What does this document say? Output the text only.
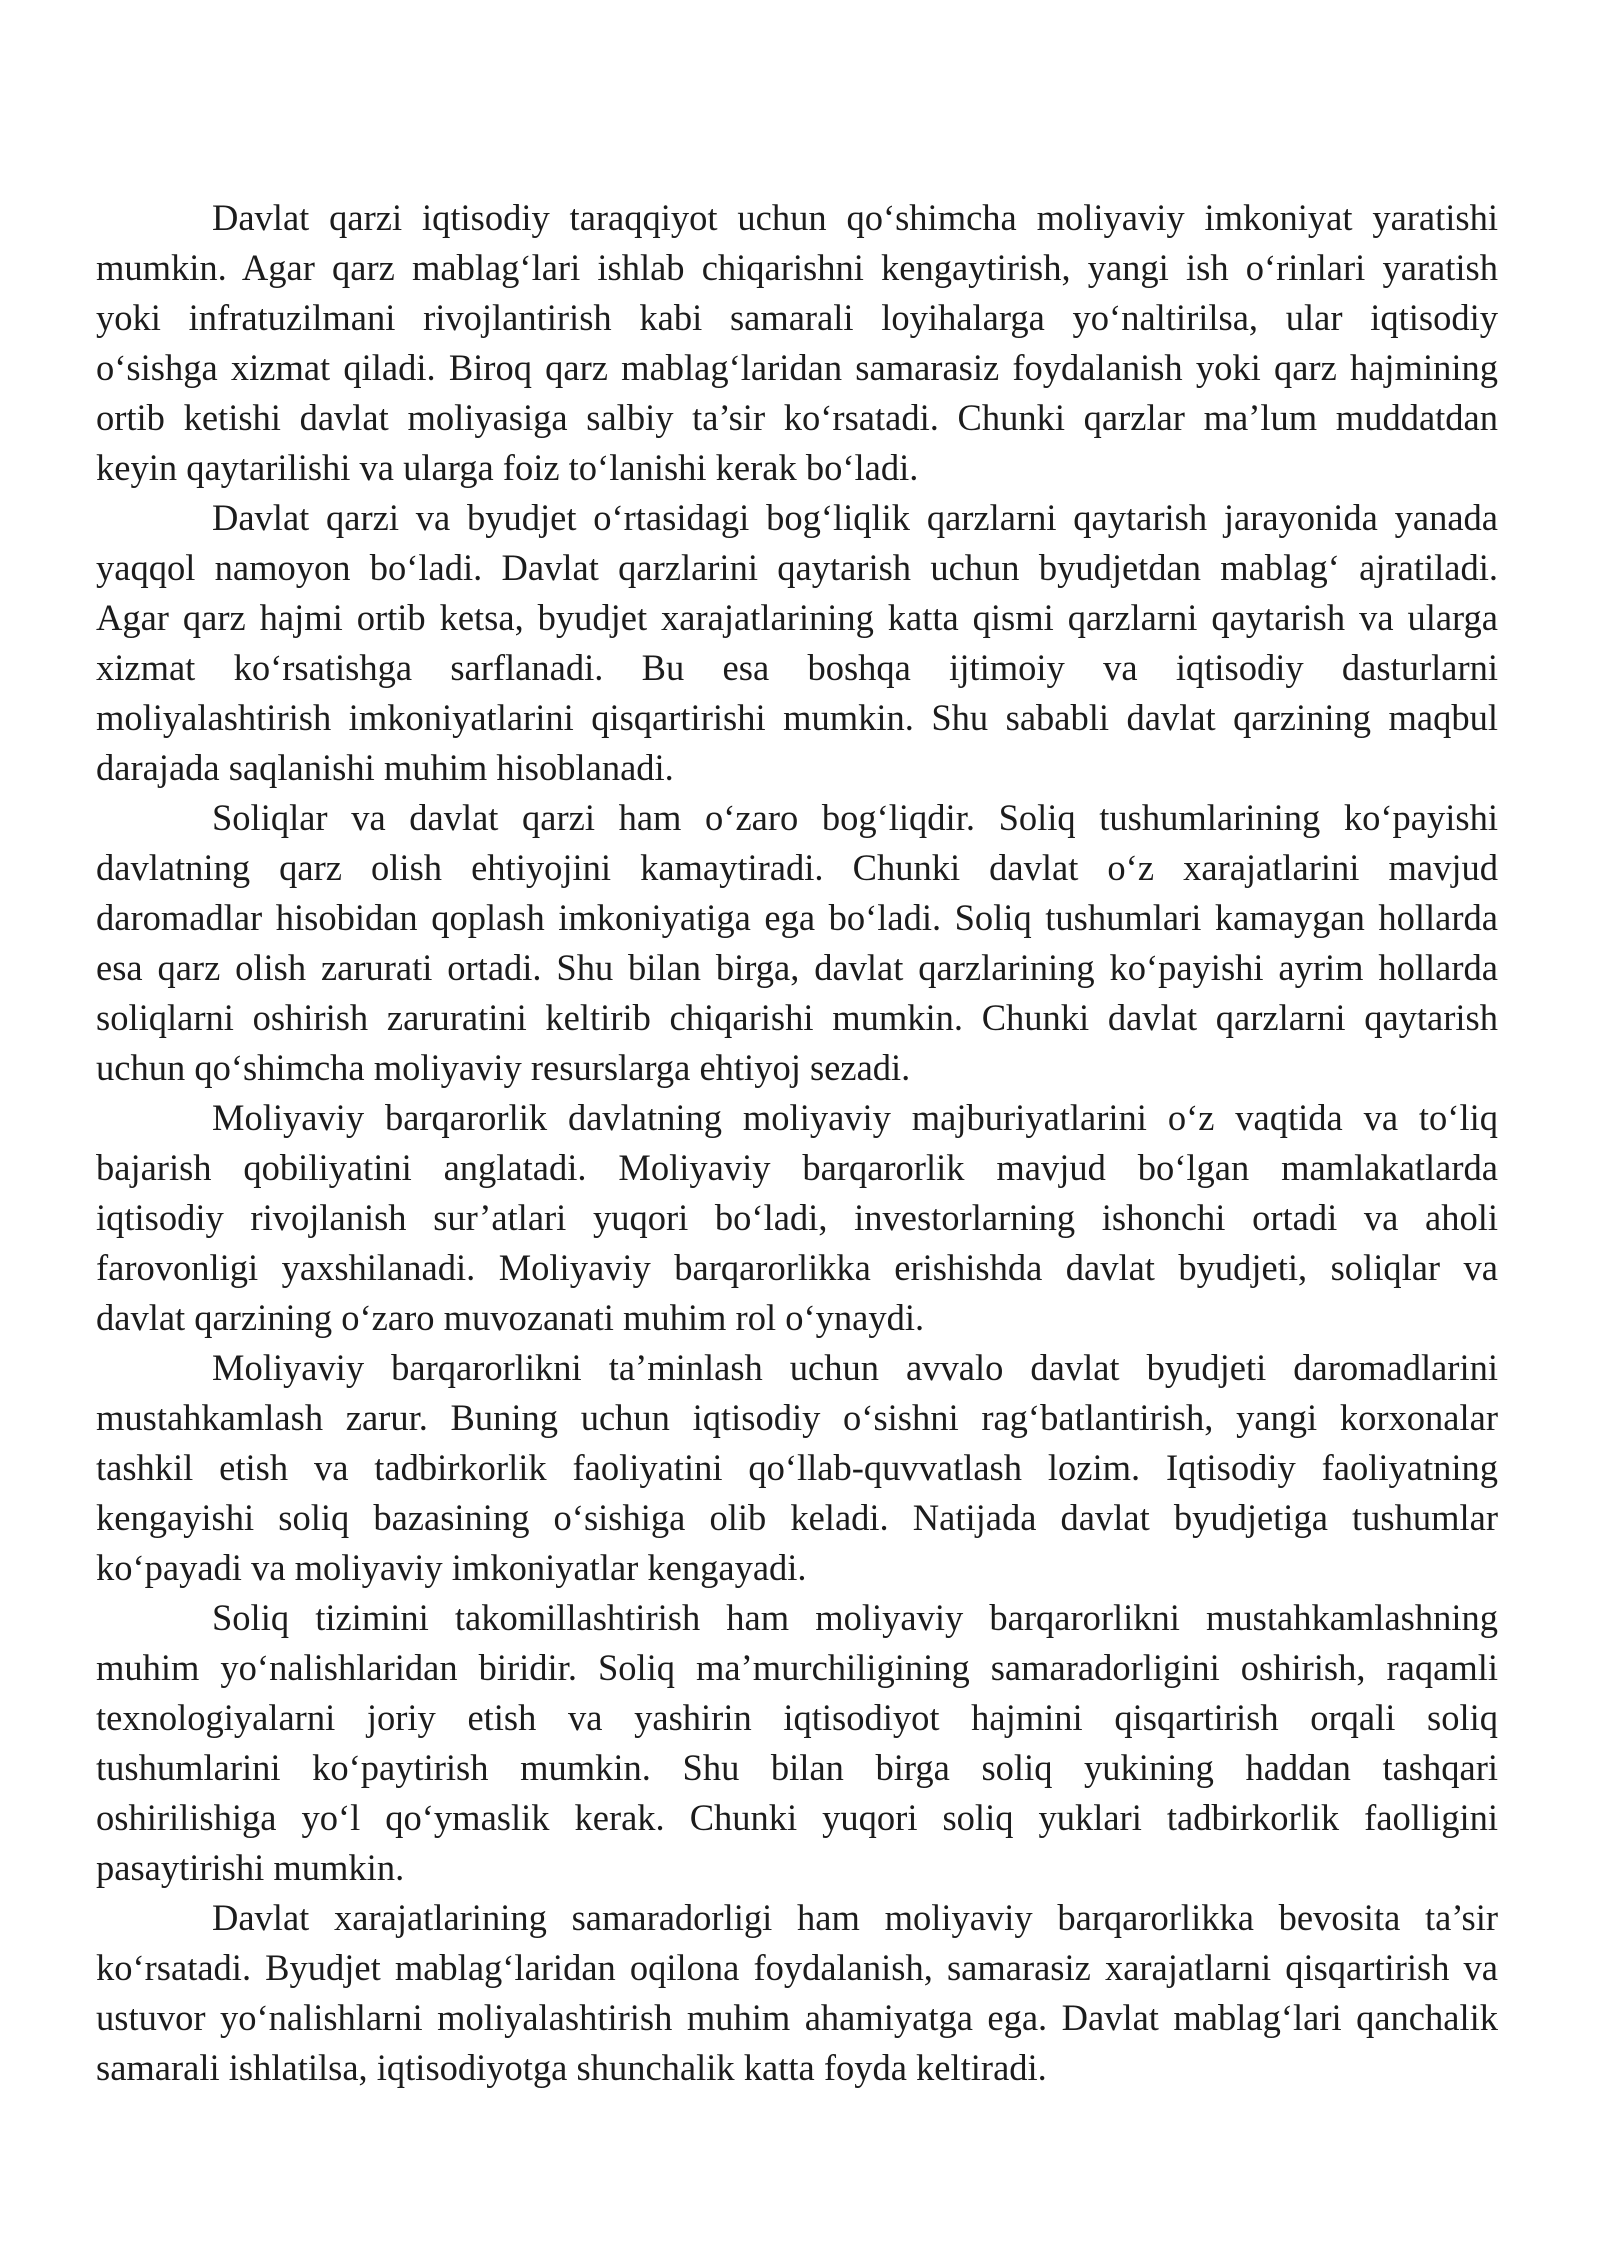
Davlat qarzi iqtisodiy taraqqiyot uchun qo‘shimcha moliyaviy imkoniyat yaratishi
mumkin. Agar qarz mablag‘lari ishlab chiqarishni kengaytirish, yangi ish o‘rinlari yaratish
yoki infratuzilmani rivojlantirish kabi samarali loyihalarga yo‘naltirilsa, ular iqtisodiy
o‘sishga xizmat qiladi. Biroq qarz mablag‘laridan samarasiz foydalanish yoki qarz hajmining
ortib ketishi davlat moliyasiga salbiy ta’sir ko‘rsatadi. Chunki qarzlar ma’lum muddatdan
keyin qaytarilishi va ularga foiz to‘lanishi kerak bo‘ladi.
Davlat qarzi va byudjet o‘rtasidagi bog‘liqlik qarzlarni qaytarish jarayonida yanada
yaqqol namoyon bo‘ladi. Davlat qarzlarini qaytarish uchun byudjetdan mablag‘ ajratiladi.
Agar qarz hajmi ortib ketsa, byudjet xarajatlarining katta qismi qarzlarni qaytarish va ularga
xizmat ko‘rsatishga sarflanadi. Bu esa boshqa ijtimoiy va iqtisodiy dasturlarni
moliyalashtirish imkoniyatlarini qisqartirishi mumkin. Shu sababli davlat qarzining maqbul
darajada saqlanishi muhim hisoblanadi.
Soliqlar va davlat qarzi ham o‘zaro bog‘liqdir. Soliq tushumlarining ko‘payishi
davlatning qarz olish ehtiyojini kamaytiradi. Chunki davlat o‘z xarajatlarini mavjud
daromadlar hisobidan qoplash imkoniyatiga ega bo‘ladi. Soliq tushumlari kamaygan hollarda
esa qarz olish zarurati ortadi. Shu bilan birga, davlat qarzlarining ko‘payishi ayrim hollarda
soliqlarni oshirish zaruratini keltirib chiqarishi mumkin. Chunki davlat qarzlarni qaytarish
uchun qo‘shimcha moliyaviy resurslarga ehtiyoj sezadi.
Moliyaviy barqarorlik davlatning moliyaviy majburiyatlarini o‘z vaqtida va to‘liq
bajarish qobiliyatini anglatadi. Moliyaviy barqarorlik mavjud bo‘lgan mamlakatlarda
iqtisodiy rivojlanish sur’atlari yuqori bo‘ladi, investorlarning ishonchi ortadi va aholi
farovonligi yaxshilanadi. Moliyaviy barqarorlikka erishishda davlat byudjeti, soliqlar va
davlat qarzining o‘zaro muvozanati muhim rol o‘ynaydi.
Moliyaviy barqarorlikni ta’minlash uchun avvalo davlat byudjeti daromadlarini
mustahkamlash zarur. Buning uchun iqtisodiy o‘sishni rag‘batlantirish, yangi korxonalar
tashkil etish va tadbirkorlik faoliyatini qo‘llab-quvvatlash lozim. Iqtisodiy faoliyatning
kengayishi soliq bazasining o‘sishiga olib keladi. Natijada davlat byudjetiga tushumlar
ko‘payadi va moliyaviy imkoniyatlar kengayadi.
Soliq tizimini takomillashtirish ham moliyaviy barqarorlikni mustahkamlashning
muhim yo‘nalishlaridan biridir. Soliq ma’murchiligining samaradorligini oshirish, raqamli
texnologiyalarni joriy etish va yashirin iqtisodiyot hajmini qisqartirish orqali soliq
tushumlarini ko‘paytirish mumkin. Shu bilan birga soliq yukining haddan tashqari
oshirilishiga yo‘l qo‘ymaslik kerak. Chunki yuqori soliq yuklari tadbirkorlik faolligini
pasaytirishi mumkin.
Davlat xarajatlarining samaradorligi ham moliyaviy barqarorlikka bevosita ta’sir
ko‘rsatadi. Byudjet mablag‘laridan oqilona foydalanish, samarasiz xarajatlarni qisqartirish va
ustuvor yo‘nalishlarni moliyalashtirish muhim ahamiyatga ega. Davlat mablag‘lari qanchalik
samarali ishlatilsa, iqtisodiyotga shunchalik katta foyda keltiradi.
